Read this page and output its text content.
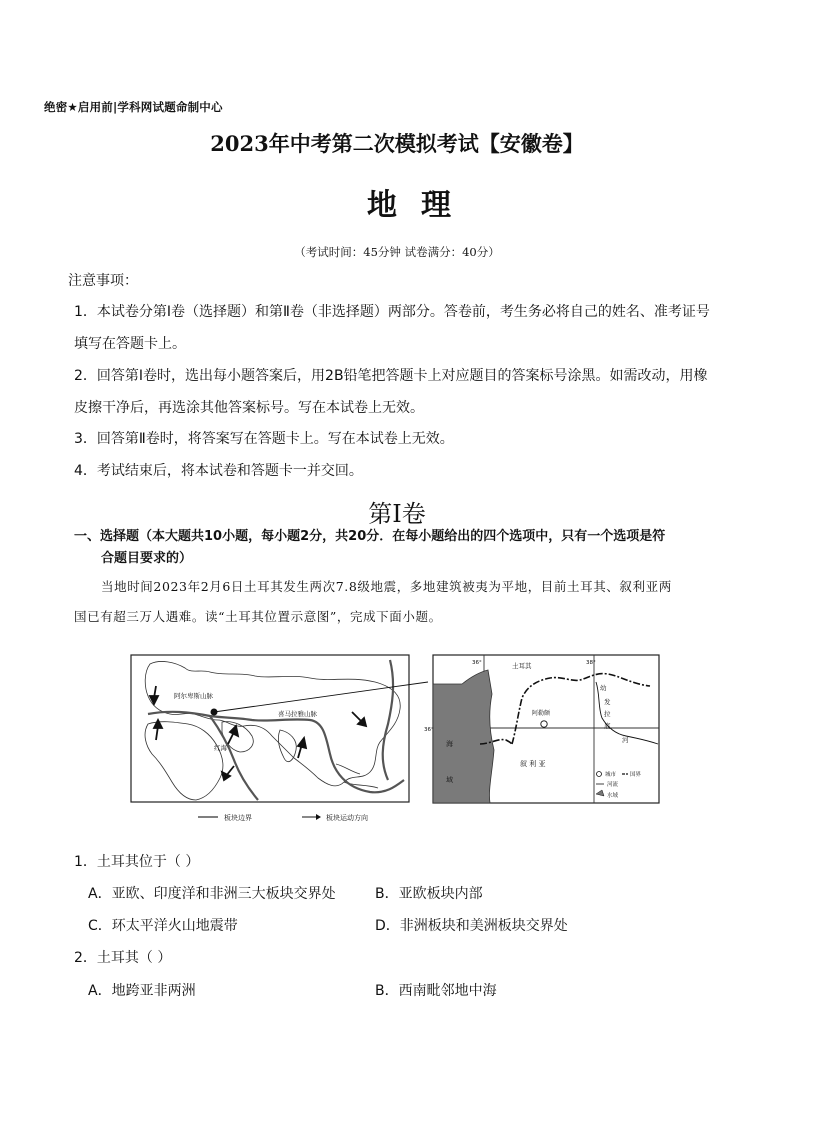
绝密★启用前|学科网试题命制中心
2023年中考第二次模拟考试【安徽卷】
地理
（考试时间：45分钟 试卷满分：40分）
注意事项：
1．本试卷分第Ⅰ卷（选择题）和第Ⅱ卷（非选择题）两部分。答卷前，考生务必将自己的姓名、准考证号
填写在答题卡上。
2．回答第Ⅰ卷时，选出每小题答案后，用2B铅笔把答题卡上对应题目的答案标号涂黑。如需改动，用橡
皮擦干净后，再选涂其他答案标号。写在本试卷上无效。
3．回答第Ⅱ卷时，将答案写在答题卡上。写在本试卷上无效。
4．考试结束后，将本试卷和答题卡一并交回。
第Ⅰ卷
一、选择题（本大题共10小题，每小题2分，共20分．在每小题给出的四个选项中，只有一个选项是符
合题目要求的）
当地时间2023年2月6日土耳其发生两次7.8级地震，多地建筑被夷为平地，目前土耳其、叙利亚两
国已有超三万人遇难。读“土耳其位置示意图”，完成下面小题。
阿尔卑斯山脉
喜马拉雅山脉
红海
板块边界	板块运动方向
阿勒颇
土耳其
36°	38°
36°
海
域
叙 利 亚
幼
发
拉
底
河
城市	国界
河流
水域
1．土耳其位于（ ）
A．亚欧、印度洋和非洲三大板块交界处	B．亚欧板块内部
C．环太平洋火山地震带	D．非洲板块和美洲板块交界处
2．土耳其（ ）
A．地跨亚非两洲	B．西南毗邻地中海
